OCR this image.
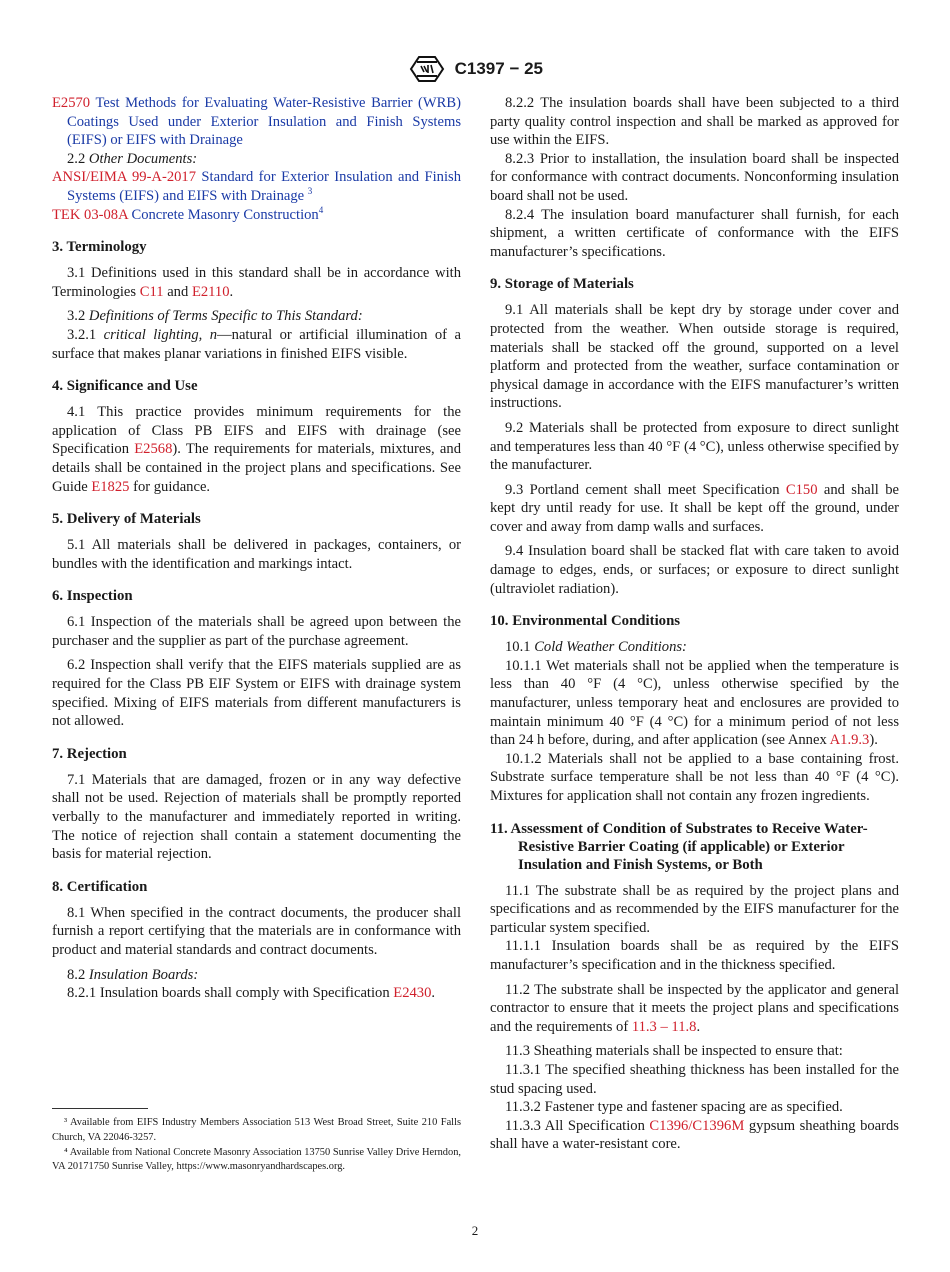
C1397 − 25

E2570 Test Methods for Evaluating Water-Resistive Barrier (WRB) Coatings Used under Exterior Insulation and Finish Systems (EIFS) or EIFS with Drainage

2.2 Other Documents:

ANSI/EIMA 99-A-2017 Standard for Exterior Insulation and Finish Systems (EIFS) and EIFS with Drainage $^3$

TEK 03-08A Concrete Masonry Construction$^4$

3. Terminology

3.1 Definitions used in this standard shall be in accordance with Terminologies C11 and E2110.

3.2 Definitions of Terms Specific to This Standard:

3.2.1 critical lighting, n—natural or artificial illumination of a surface that makes planar variations in finished EIFS visible.

4. Significance and Use

4.1 This practice provides minimum requirements for the application of Class PB EIFS and EIFS with drainage (see Specification E2568). The requirements for materials, mixtures, and details shall be contained in the project plans and specifications. See Guide E1825 for guidance.

5. Delivery of Materials

5.1 All materials shall be delivered in packages, containers, or bundles with the identification and markings intact.

6. Inspection

6.1 Inspection of the materials shall be agreed upon between the purchaser and the supplier as part of the purchase agreement.

6.2 Inspection shall verify that the EIFS materials supplied are as required for the Class PB EIF System or EIFS with drainage system specified. Mixing of EIFS materials from different manufacturers is not allowed.

7. Rejection

7.1 Materials that are damaged, frozen or in any way defective shall not be used. Rejection of materials shall be promptly reported verbally to the manufacturer and immediately reported in writing. The notice of rejection shall contain a statement documenting the basis for material rejection.

8. Certification

8.1 When specified in the contract documents, the producer shall furnish a report certifying that the materials are in conformance with product and material standards and contract documents.

8.2 Insulation Boards:

8.2.1 Insulation boards shall comply with Specification E2430.

8.2.2 The insulation boards shall have been subjected to a third party quality control inspection and shall be marked as approved for use within the EIFS.

8.2.3 Prior to installation, the insulation board shall be inspected for conformance with contract documents. Nonconforming insulation board shall not be used.

8.2.4 The insulation board manufacturer shall furnish, for each shipment, a written certificate of conformance with the EIFS manufacturer’s specifications.

9. Storage of Materials

9.1 All materials shall be kept dry by storage under cover and protected from the weather. When outside storage is required, materials shall be stacked off the ground, supported on a level platform and protected from the weather, surface contamination or physical damage in accordance with the EIFS manufacturer’s written instructions.

9.2 Materials shall be protected from exposure to direct sunlight and temperatures less than 40 °F (4 °C), unless otherwise specified by the manufacturer.

9.3 Portland cement shall meet Specification C150 and shall be kept dry until ready for use. It shall be kept off the ground, under cover and away from damp walls and surfaces.

9.4 Insulation board shall be stacked flat with care taken to avoid damage to edges, ends, or surfaces; or exposure to direct sunlight (ultraviolet radiation).

10. Environmental Conditions

10.1 Cold Weather Conditions:

10.1.1 Wet materials shall not be applied when the temperature is less than 40 °F (4 °C), unless otherwise specified by the manufacturer, unless temporary heat and enclosures are provided to maintain minimum 40 °F (4 °C) for a minimum period of not less than 24 h before, during, and after application (see Annex A1.9.3).

10.1.2 Materials shall not be applied to a base containing frost. Substrate surface temperature shall be not less than 40 °F (4 °C). Mixtures for application shall not contain any frozen ingredients.

11. Assessment of Condition of Substrates to Receive Water-Resistive Barrier Coating (if applicable) or Exterior Insulation and Finish Systems, or Both

11.1 The substrate shall be as required by the project plans and specifications and as recommended by the EIFS manufacturer for the particular system specified.

11.1.1 Insulation boards shall be as required by the EIFS manufacturer’s specification and in the thickness specified.

11.2 The substrate shall be inspected by the applicator and general contractor to ensure that it meets the project plans and specifications and the requirements of 11.3 – 11.8.

11.3 Sheathing materials shall be inspected to ensure that:

11.3.1 The specified sheathing thickness has been installed for the stud spacing used.

11.3.2 Fastener type and fastener spacing are as specified.

11.3.3 All Specification C1396/C1396M gypsum sheathing boards shall have a water-resistant core.

³ Available from EIFS Industry Members Association 513 West Broad Street, Suite 210 Falls Church, VA 22046-3257.

⁴ Available from National Concrete Masonry Association 13750 Sunrise Valley Drive Herndon, VA 20171750 Sunrise Valley, https://www.masonryandhardscapes.org.

2
